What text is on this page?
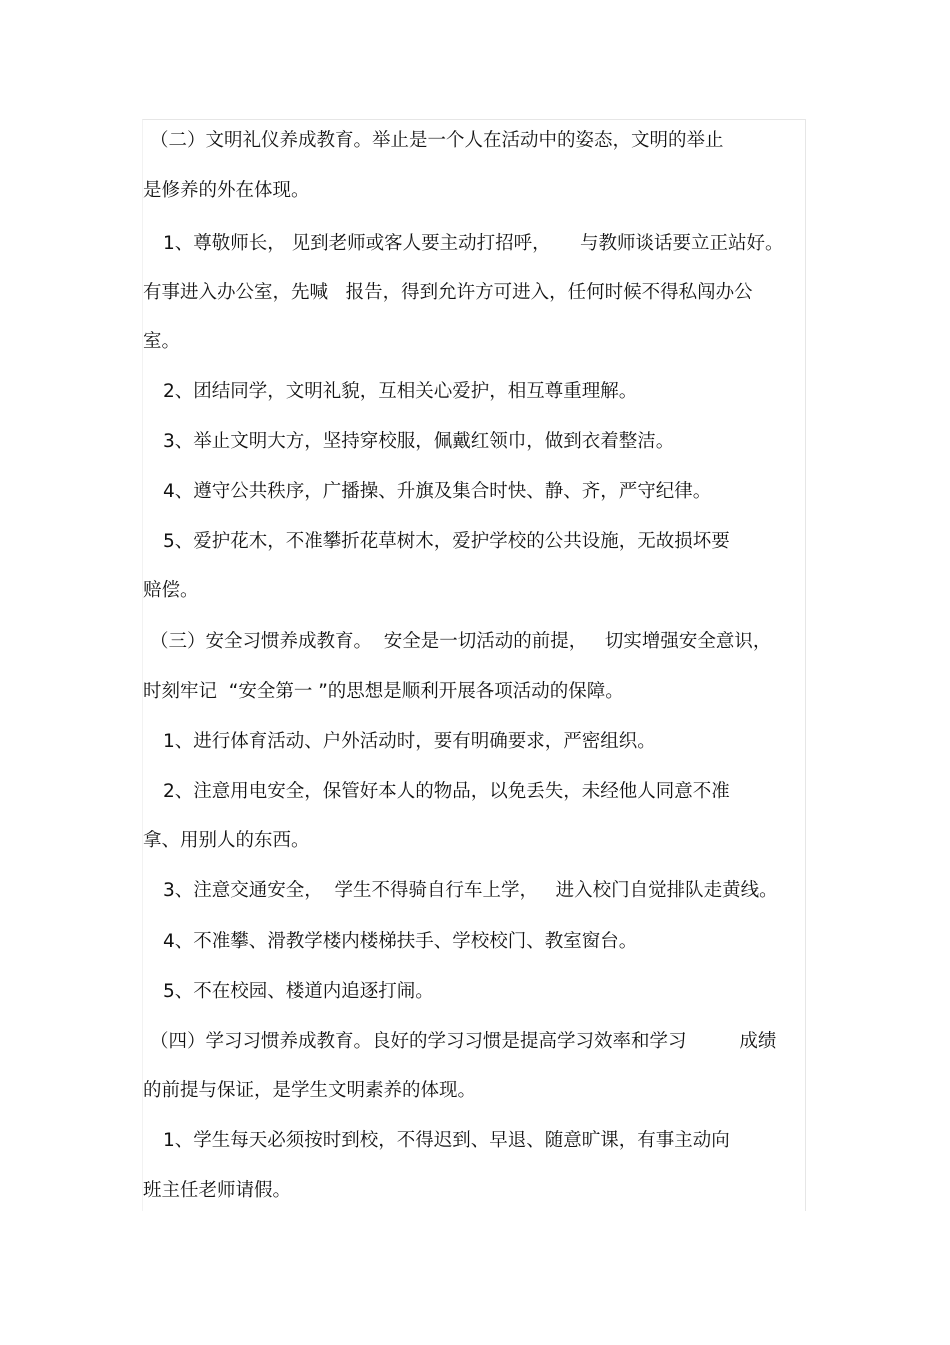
（二）文明礼仪养成教育。举止是一个人在活动中的姿态，文明的举止
是修养的外在体现。
1、尊敬师长， 见到老师或客人要主动打招呼，     与教师谈话要立正站好。
有事进入办公室，先喊   报告，得到允许方可进入，任何时候不得私闯办公
室。
2、团结同学，文明礼貌，互相关心爱护，相互尊重理解。
3、举止文明大方，坚持穿校服，佩戴红领巾，做到衣着整洁。
4、遵守公共秩序，广播操、升旗及集合时快、静、齐，严守纪律。
5、爱护花木，不准攀折花草树木，爱护学校的公共设施，无故损坏要
赔偿。
（三）安全习惯养成教育。  安全是一切活动的前提，   切实增强安全意识，
时刻牢记  “安全第一 ”的思想是顺利开展各项活动的保障。
1、进行体育活动、户外活动时，要有明确要求，严密组织。
2、注意用电安全，保管好本人的物品，以免丢失，未经他人同意不准
拿、用别人的东西。
3、注意交通安全，  学生不得骑自行车上学，   进入校门自觉排队走黄线。
4、不准攀、滑教学楼内楼梯扶手、学校校门、教室窗台。
5、不在校园、楼道内追逐打闹。
（四）学习习惯养成教育。良好的学习习惯是提高学习效率和学习         成绩
的前提与保证，是学生文明素养的体现。
1、学生每天必须按时到校，不得迟到、早退、随意旷课，有事主动向
班主任老师请假。
